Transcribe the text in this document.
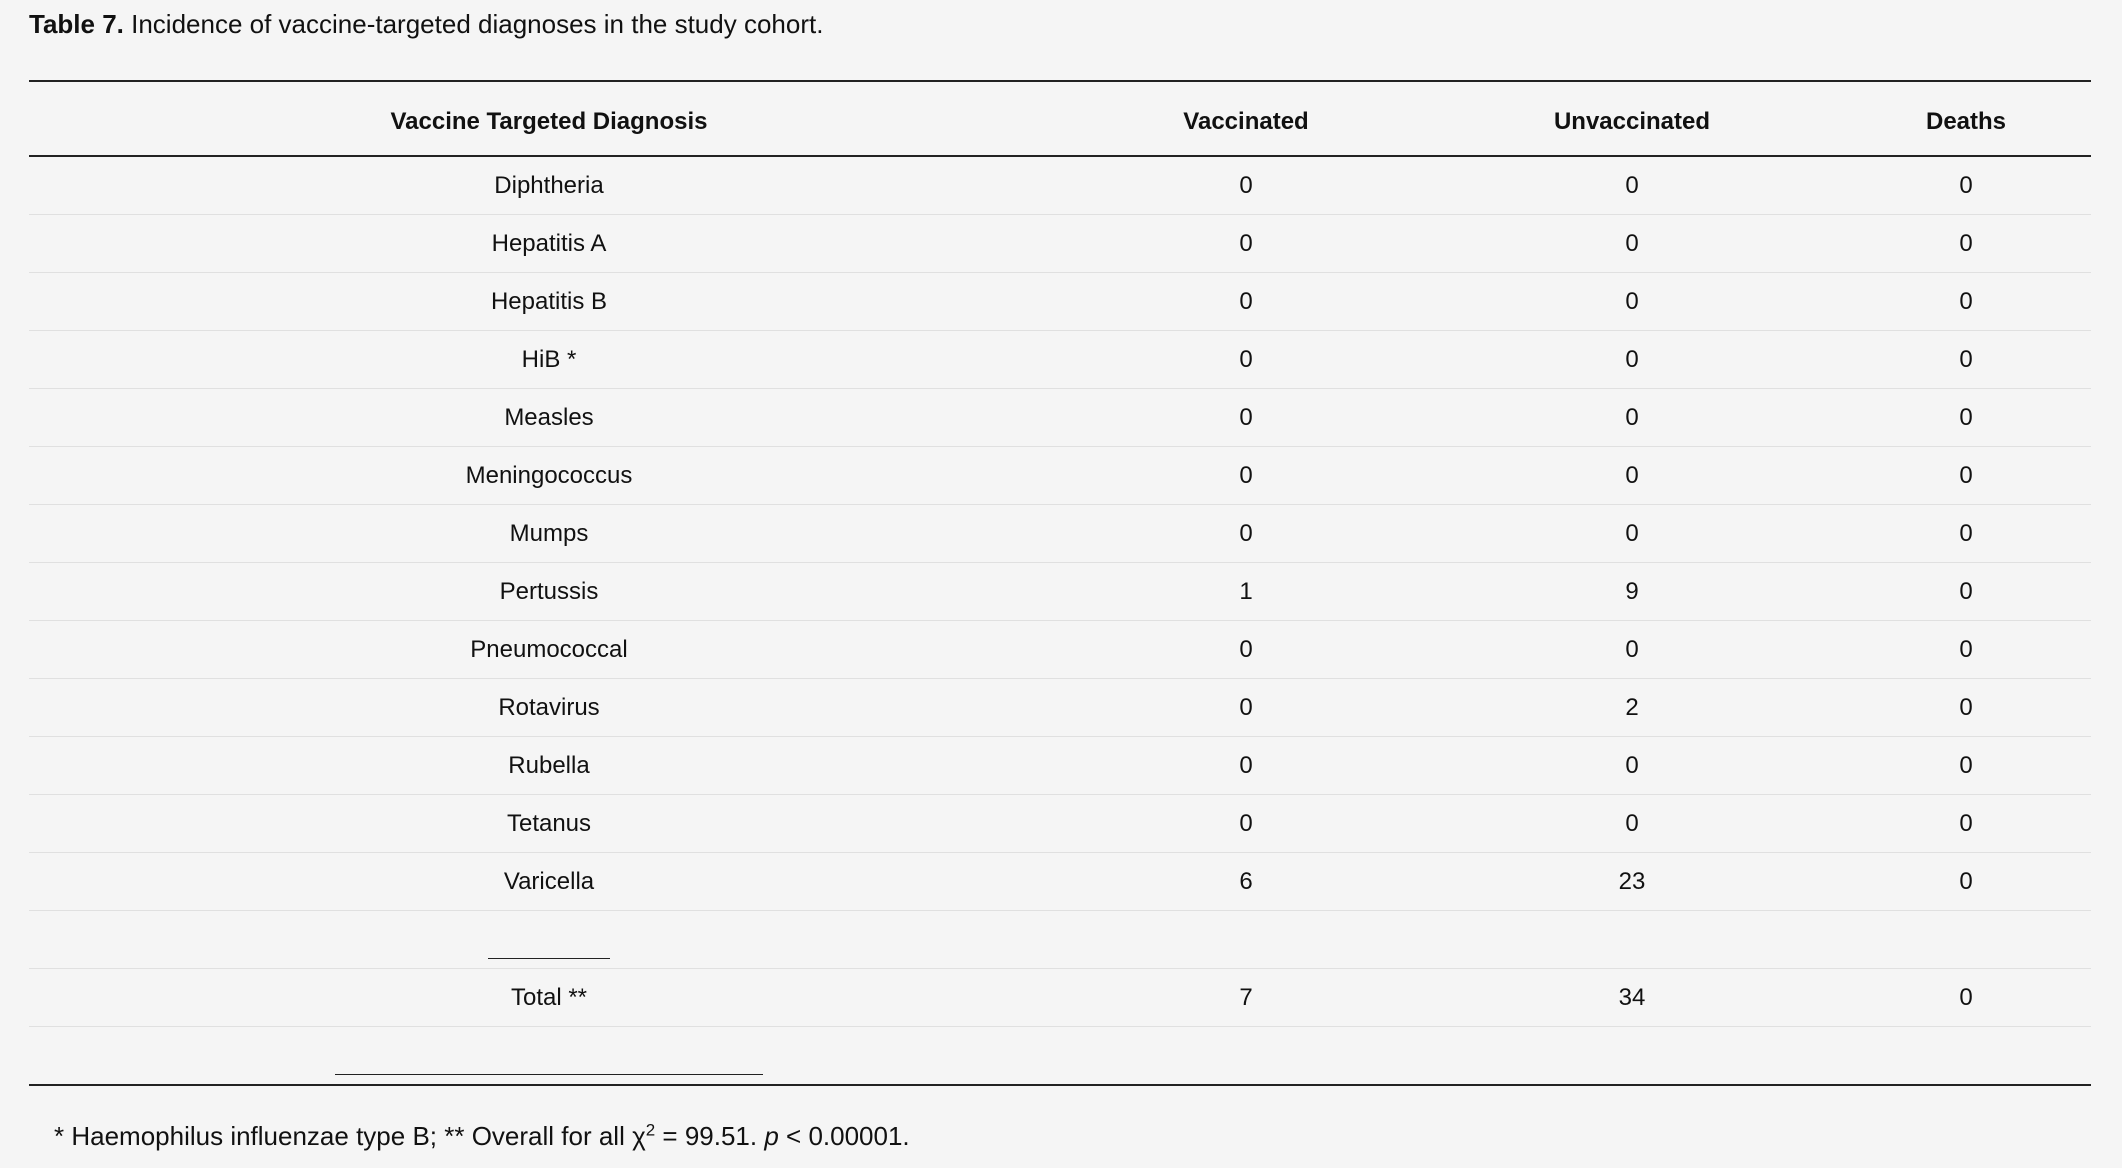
Table 7. Incidence of vaccine-targeted diagnoses in the study cohort.
Vaccine Targeted Diagnosis	Vaccinated	Unvaccinated	Deaths
Diphtheria	0	0	0
Hepatitis A	0	0	0
Hepatitis B	0	0	0
HiB *	0	0	0
Measles	0	0	0
Meningococcus	0	0	0
Mumps	0	0	0
Pertussis	1	9	0
Pneumococcal	0	0	0
Rotavirus	0	2	0
Rubella	0	0	0
Tetanus	0	0	0
Varicella	6	23	0

Total **	7	34	0

* Haemophilus influenzae type B; ** Overall for all $\chi^2 = 99.51$. p < 0.00001.
